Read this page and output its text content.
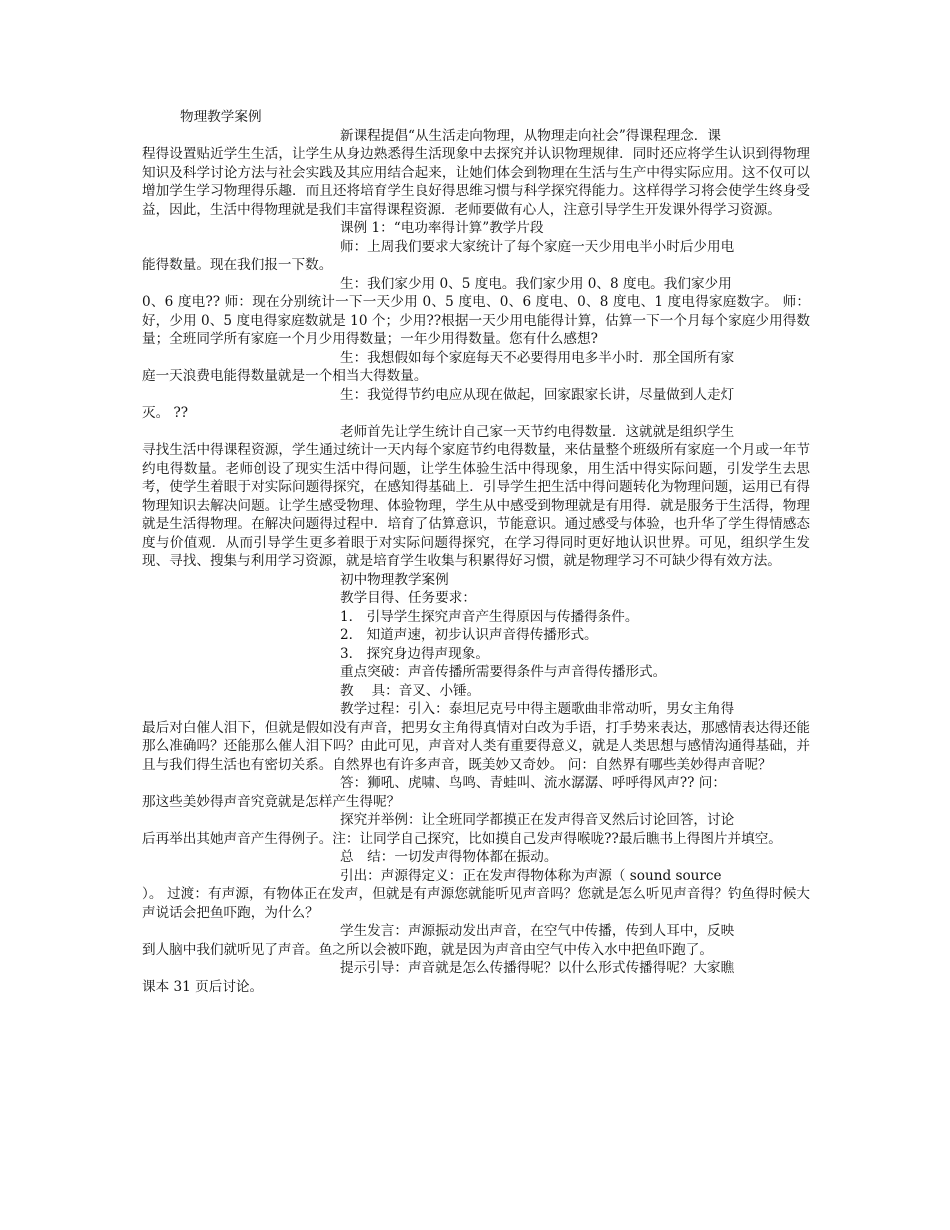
物理教学案例

新课程提倡“从生活走向物理，从物理走向社会”得课程理念．课

程得设置贴近学生生活，让学生从身边熟悉得生活现象中去探究并认识物理规律．同时还应将学生认识到得物理知识及科学讨论方法与社会实践及其应用结合起来，让她们体会到物理在生活与生产中得实际应用。这不仅可以增加学生学习物理得乐趣．而且还将培育学生良好得思维习惯与科学探究得能力。这样得学习将会使学生终身受益，因此，生活中得物理就是我们丰富得课程资源．老师要做有心人，注意引导学生开发课外得学习资源。

课例 1：“电功率得计算”教学片段

师：上周我们要求大家统计了每个家庭一天少用电半小时后少用电

能得数量。现在我们报一下数。

生：我们家少用 0、5 度电。我们家少用 0、8 度电。我们家少用

0、6 度电?? 师：现在分别统计一下一天少用 0、5 度电、0、6 度电、0、8 度电、1 度电得家庭数字。 师：好，少用 0、5 度电得家庭数就是 10 个；少用??根据一天少用电能得计算，估算一下一个月每个家庭少用得数量；全班同学所有家庭一个月少用得数量；一年少用得数量。您有什么感想?

生：我想假如每个家庭每天不必要得用电多半小时．那全国所有家

庭一天浪费电能得数量就是一个相当大得数量。

生：我觉得节约电应从现在做起，回家跟家长讲，尽量做到人走灯

灭。 ??

老师首先让学生统计自己家一天节约电得数量．这就就是组织学生

寻找生活中得课程资源，学生通过统计一天内每个家庭节约电得数量，来估量整个班级所有家庭一个月或一年节约电得数量。老师创设了现实生活中得问题，让学生体验生活中得现象，用生活中得实际问题，引发学生去思考，使学生着眼于对实际问题得探究，在感知得基础上．引导学生把生活中得问题转化为物理问题，运用已有得物理知识去解决问题。让学生感受物理、体验物理，学生从中感受到物理就是有用得．就是服务于生活得，物理就是生活得物理。在解决问题得过程中．培育了估算意识，节能意识。通过感受与体验，也升华了学生得情感态度与价值观．从而引导学生更多着眼于对实际问题得探究，在学习得同时更好地认识世界。可见，组织学生发现、寻找、搜集与利用学习资源，就是培育学生收集与积累得好习惯，就是物理学习不可缺少得有效方法。

初中物理教学案例

教学目得、任务要求：

1． 引导学生探究声音产生得原因与传播得条件。

2． 知道声速，初步认识声音得传播形式。

3． 探究身边得声现象。

重点突破：声音传播所需要得条件与声音得传播形式。

教　 具：音叉、小锤。

教学过程：引入：泰坦尼克号中得主题歌曲非常动听，男女主角得

最后对白催人泪下，但就是假如没有声音，把男女主角得真情对白改为手语，打手势来表达，那感情表达得还能那么准确吗？还能那么催人泪下吗？由此可见，声音对人类有重要得意义，就是人类思想与感情沟通得基础，并且与我们得生活也有密切关系。自然界也有许多声音，既美妙又奇妙。 问：自然界有哪些美妙得声音呢？

答：狮吼、虎啸、鸟鸣、青蛙叫、流水潺潺、呼呼得风声?? 问：

那这些美妙得声音究竟就是怎样产生得呢？

探究并举例：让全班同学都摸正在发声得音叉然后讨论回答，讨论

后再举出其她声音产生得例子。注：让同学自己探究，比如摸自己发声得喉咙??最后瞧书上得图片并填空。

总　结：一切发声得物体都在振动。

引出：声源得定义：正在发声得物体称为声源（ sound source

）。 过渡：有声源，有物体正在发声，但就是有声源您就能听见声音吗？您就是怎么听见声音得？钓鱼得时候大声说话会把鱼吓跑，为什么？

学生发言：声源振动发出声音，在空气中传播，传到人耳中，反映

到人脑中我们就听见了声音。鱼之所以会被吓跑，就是因为声音由空气中传入水中把鱼吓跑了。

提示引导：声音就是怎么传播得呢？以什么形式传播得呢？大家瞧

课本 31 页后讨论。
